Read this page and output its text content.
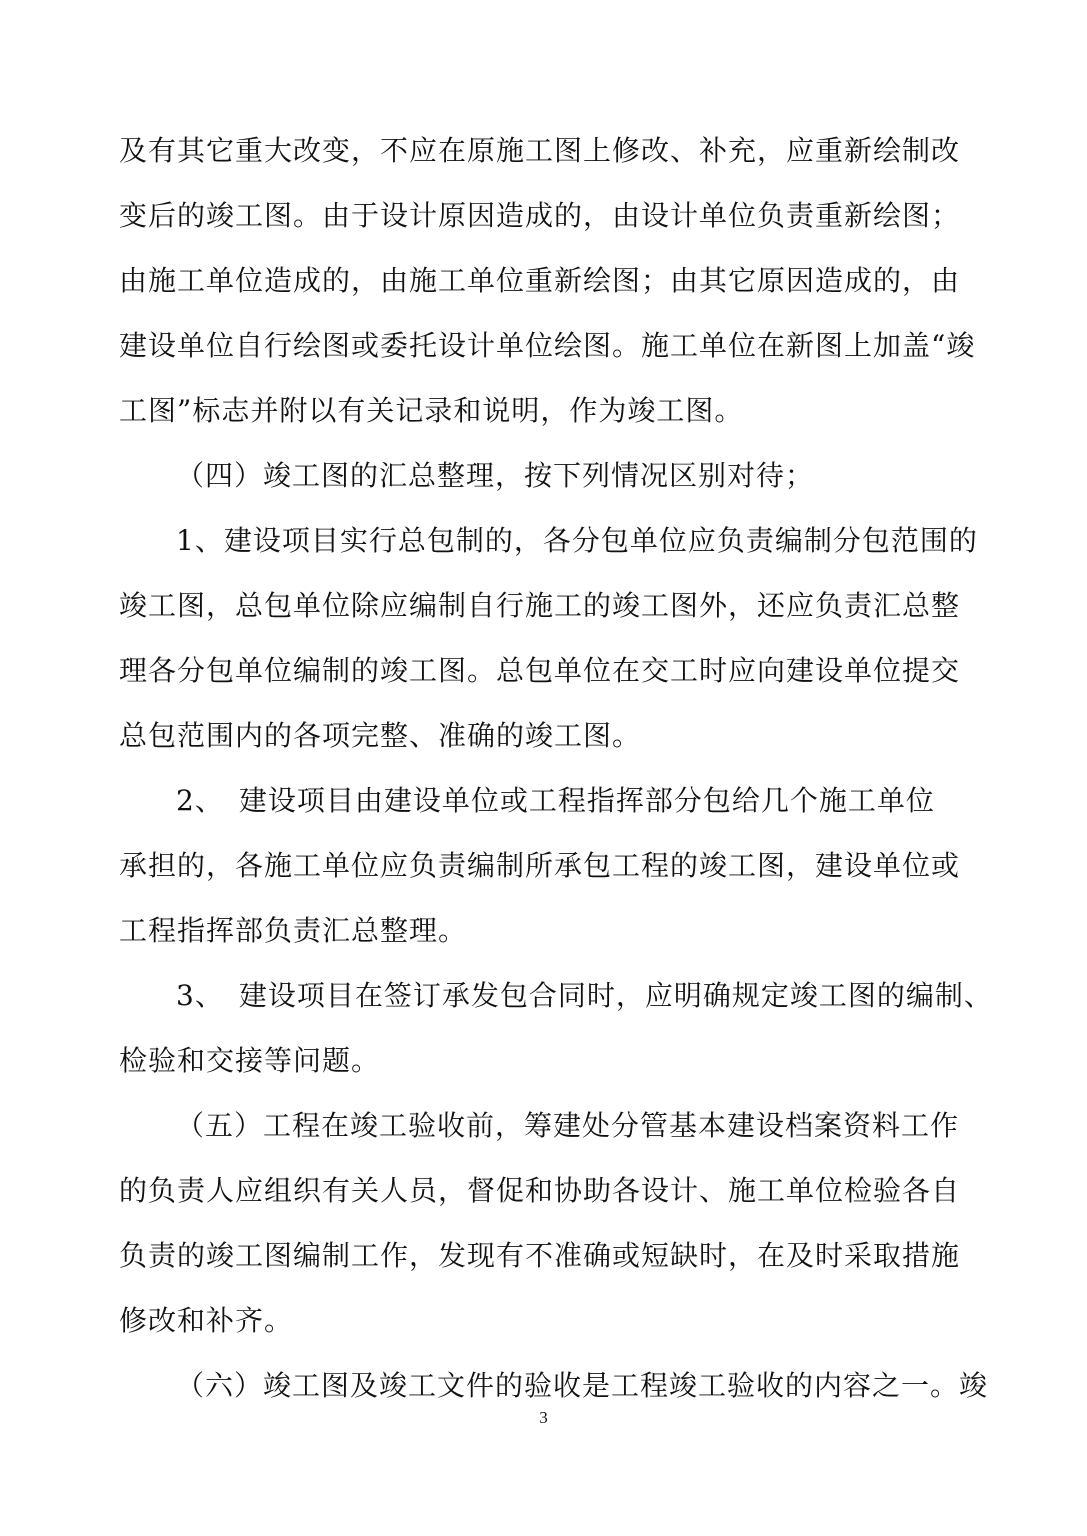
及有其它重大改变，不应在原施工图上修改、补充，应重新绘制改
变后的竣工图。由于设计原因造成的，由设计单位负责重新绘图；
由施工单位造成的，由施工单位重新绘图；由其它原因造成的，由
建设单位自行绘图或委托设计单位绘图。施工单位在新图上加盖“竣
工图”标志并附以有关记录和说明，作为竣工图。
（四）竣工图的汇总整理，按下列情况区别对待；
1、建设项目实行总包制的，各分包单位应负责编制分包范围的
竣工图，总包单位除应编制自行施工的竣工图外，还应负责汇总整
理各分包单位编制的竣工图。总包单位在交工时应向建设单位提交
总包范围内的各项完整、准确的竣工图。
2、　建设项目由建设单位或工程指挥部分包给几个施工单位
承担的，各施工单位应负责编制所承包工程的竣工图，建设单位或
工程指挥部负责汇总整理。
3、　建设项目在签订承发包合同时，应明确规定竣工图的编制、
检验和交接等问题。
（五）工程在竣工验收前，筹建处分管基本建设档案资料工作
的负责人应组织有关人员，督促和协助各设计、施工单位检验各自
负责的竣工图编制工作，发现有不准确或短缺时，在及时采取措施
修改和补齐。
（六）竣工图及竣工文件的验收是工程竣工验收的内容之一。竣
3
